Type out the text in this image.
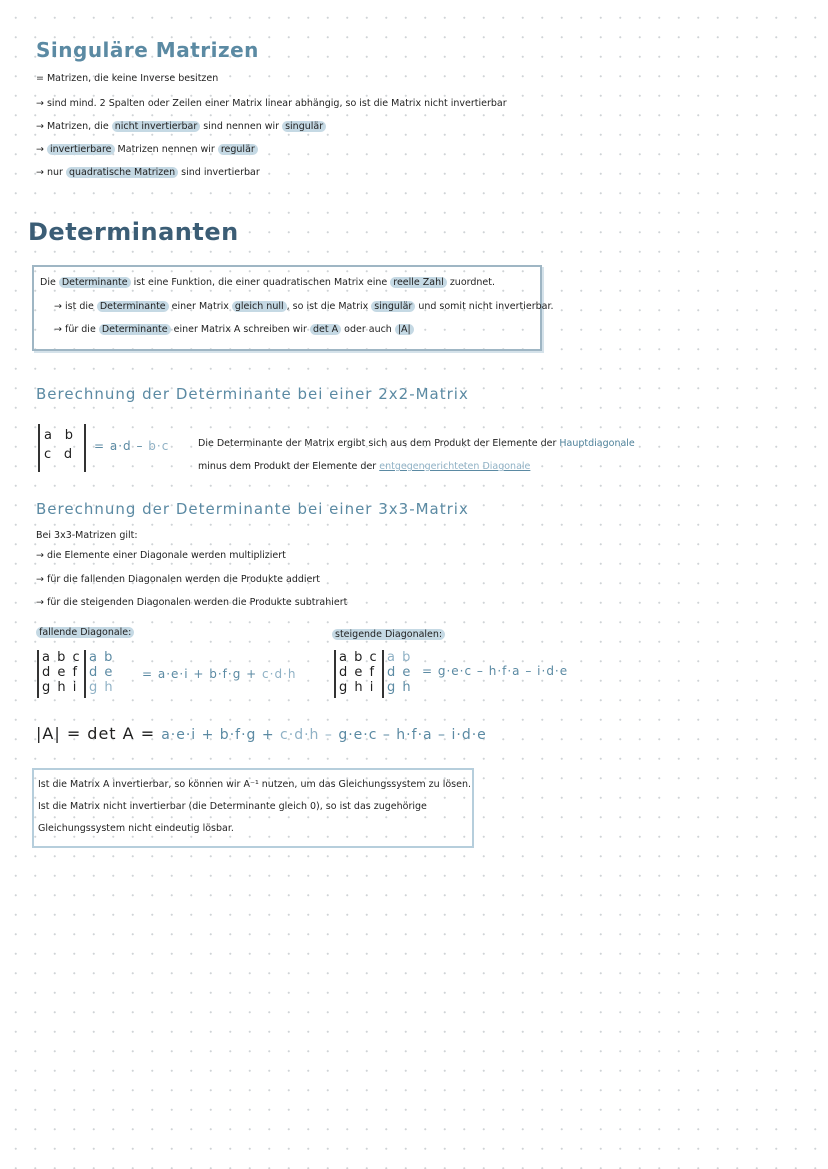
Singuläre Matrizen
= Matrizen, die keine Inverse besitzen
→ sind mind. 2 Spalten oder Zeilen einer Matrix linear abhängig, so ist die Matrix nicht invertierbar
→ Matrizen, die nicht invertierbar sind nennen wir singulär
→ invertierbare Matrizen nennen wir regulär
→ nur quadratische Matrizen sind invertierbar
Determinanten
Die Determinante ist eine Funktion, die einer quadratischen Matrix eine reelle Zahl zuordnet.
→ ist die Determinante einer Matrix gleich null , so ist die Matrix singulär und somit nicht invertierbar.
→ für die Determinante einer Matrix A schreiben wir det A oder auch |A|
Berechnung der Determinante bei einer 2x2-Matrix
a  b
c  d
= a·d – b·c	Die Determinante der Matrix ergibt sich aus dem Produkt der Elemente der Hauptdiagonale
minus dem Produkt der Elemente der entgegengerichteten Diagonale
Berechnung der Determinante bei einer 3x3-Matrix
Bei 3x3-Matrizen gilt:
→ die Elemente einer Diagonale werden multipliziert
→ für die fallenden Diagonalen werden die Produkte addiert
→ für die steigenden Diagonalen werden die Produkte subtrahiert
fallende Diagonale:	steigende Diagonalen:
a b c
d e f
g h i
a b
d e
g h
= a·e·i + b·f·g + c·d·h
a b c
d e f
g h i
a b
d e
g h
= g·e·c – h·f·a – i·d·e
|A| = det A = a·e·i + b·f·g + c·d·h – g·e·c – h·f·a – i·d·e
Ist die Matrix A invertierbar, so können wir A⁻¹ nutzen, um das Gleichungssystem zu lösen.
Ist die Matrix nicht invertierbar (die Determinante gleich 0), so ist das zugehörige
Gleichungssystem nicht eindeutig lösbar.
